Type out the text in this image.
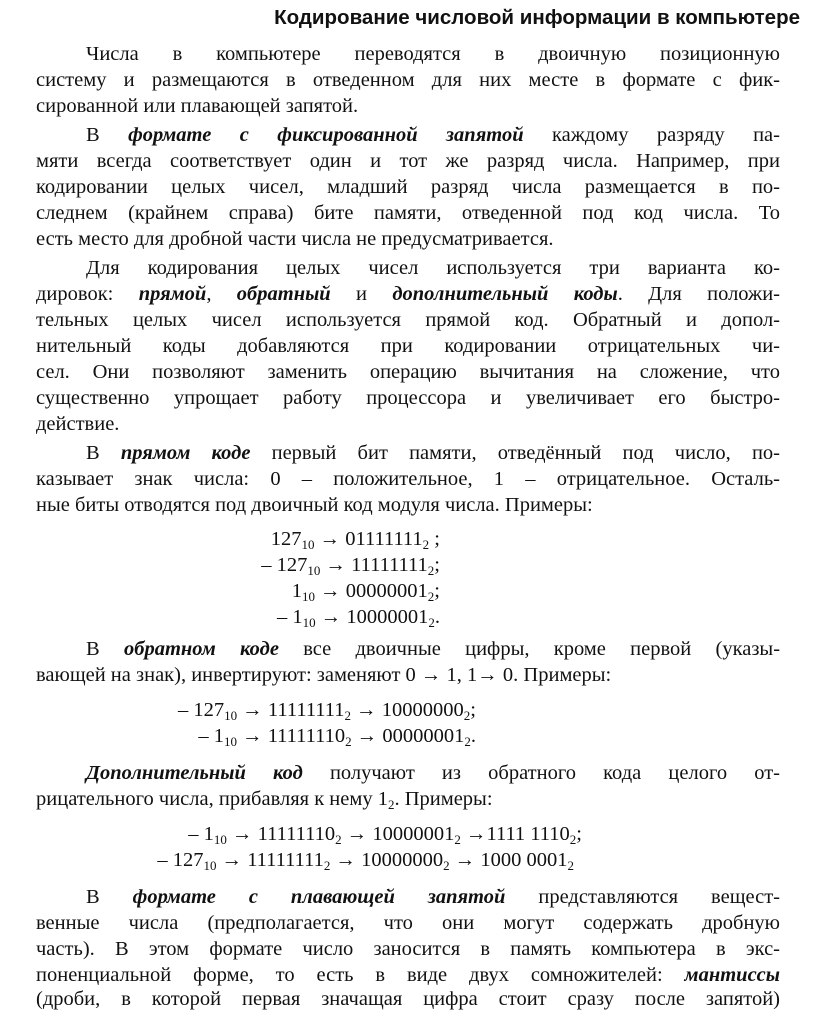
Кодирование числовой информации в компьютере
Числа в компьютере переводятся в двоичную позиционную
систему и размещаются в отведенном для них месте в формате с фик-
сированной или плавающей запятой.
В формате с фиксированной запятой каждому разряду па-
мяти всегда соответствует один и тот же разряд числа. Например, при
кодировании целых чисел, младший разряд числа размещается в по-
следнем (крайнем справа) бите памяти, отведенной под код числа. То
есть место для дробной части числа не предусматривается.
Для кодирования целых чисел используется три варианта ко-
дировок: прямой, обратный и дополнительный коды. Для положи-
тельных целых чисел используется прямой код. Обратный и допол-
нительный коды добавляются при кодировании отрицательных чи-
сел. Они позволяют заменить операцию вычитания на сложение, что
существенно упрощает работу процессора и увеличивает его быстро-
действие.
В прямом коде первый бит памяти, отведённый под число, по-
казывает знак числа: 0 – положительное, 1 – отрицательное. Осталь-
ные биты отводятся под двоичный код модуля числа. Примеры:
$127_{10} \to 01111111_2$ ;
– $127_{10} \to 11111111_2$;
$1_{10} \to 00000001_2$;
– $1_{10} \to 10000001_2$.
В обратном коде все двоичные цифры, кроме первой (указы-
вающей на знак), инвертируют: заменяют 0 → 1, 1→ 0. Примеры:
– $127_{10} \to 11111111_2 \to 10000000_2$;
– $1_{10} \to 11111110_2 \to 00000001_2$.
Дополнительный код получают из обратного кода целого от-
рицательного числа, прибавляя к нему $1_2$. Примеры:
– $1_{10} \to 11111110_2 \to 10000001_2 \to 1111$ $1110_2$;
– $127_{10} \to 11111111_2 \to 10000000_2 \to 1000$ $0001_2$
В формате с плавающей запятой представляются вещест-
венные числа (предполагается, что они могут содержать дробную
часть). В этом формате число заносится в память компьютера в экс-
поненциальной форме, то есть в виде двух сомножителей: мантиссы
(дроби, в которой первая значащая цифра стоит сразу после запятой)
